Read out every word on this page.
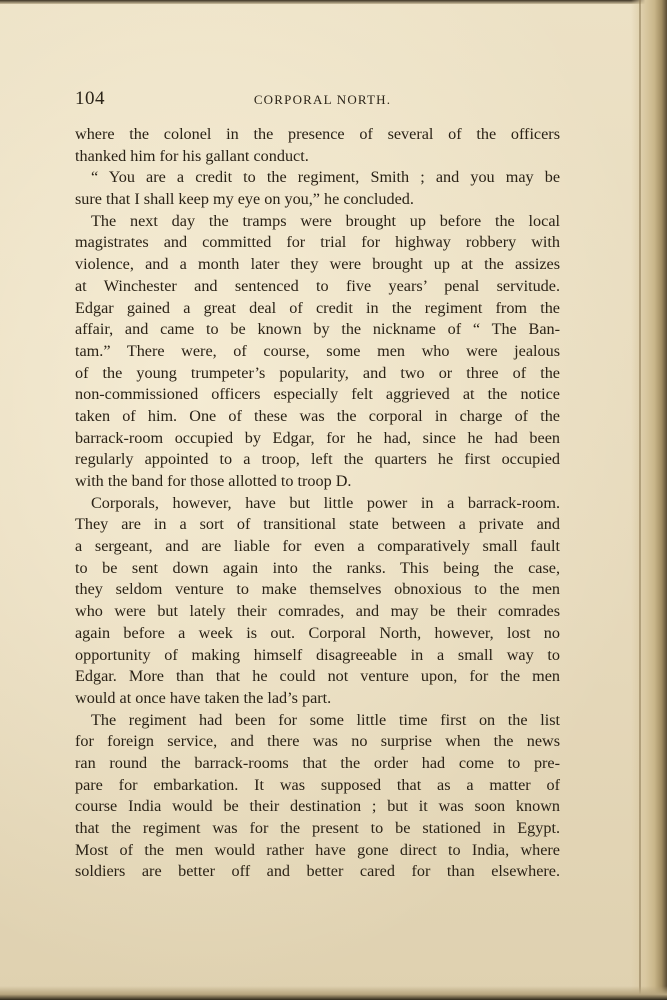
104	CORPORAL NORTH.
where the colonel in the presence of several of the officers
thanked him for his gallant conduct.
“ You are a credit to the regiment, Smith ; and you may be
sure that I shall keep my eye on you,” he concluded.
The next day the tramps were brought up before the local
magistrates and committed for trial for highway robbery with
violence, and a month later they were brought up at the assizes
at Winchester and sentenced to five years’ penal servitude.
Edgar gained a great deal of credit in the regiment from the
affair, and came to be known by the nickname of “ The Ban-
tam.” There were, of course, some men who were jealous
of the young trumpeter’s popularity, and two or three of the
non-commissioned officers especially felt aggrieved at the notice
taken of him. One of these was the corporal in charge of the
barrack-room occupied by Edgar, for he had, since he had been
regularly appointed to a troop, left the quarters he first occupied
with the band for those allotted to troop D.
Corporals, however, have but little power in a barrack-room.
They are in a sort of transitional state between a private and
a sergeant, and are liable for even a comparatively small fault
to be sent down again into the ranks. This being the case,
they seldom venture to make themselves obnoxious to the men
who were but lately their comrades, and may be their comrades
again before a week is out. Corporal North, however, lost no
opportunity of making himself disagreeable in a small way to
Edgar. More than that he could not venture upon, for the men
would at once have taken the lad’s part.
The regiment had been for some little time first on the list
for foreign service, and there was no surprise when the news
ran round the barrack-rooms that the order had come to pre-
pare for embarkation. It was supposed that as a matter of
course India would be their destination ; but it was soon known
that the regiment was for the present to be stationed in Egypt.
Most of the men would rather have gone direct to India, where
soldiers are better off and better cared for than elsewhere.
